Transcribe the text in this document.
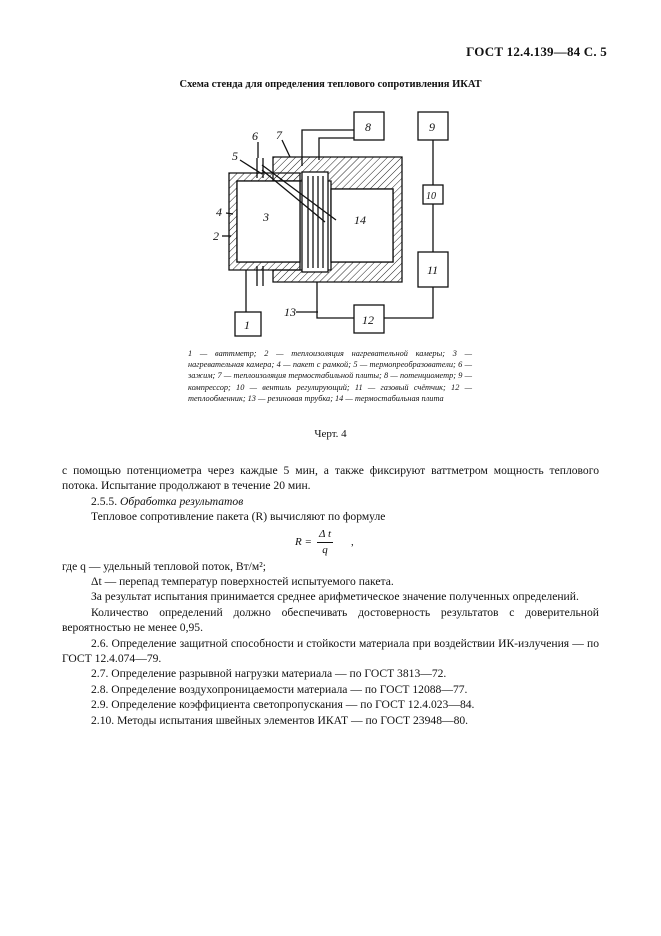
ГОСТ 12.4.139—84 С. 5
Схема стенда для определения теплового сопротивления ИКАТ
1
2
3
4
5
6 7
8	9
10
11
12
13
14
1 — ваттметр; 2 — теплоизоляция нагревательной камеры; 3 — нагревательная камера; 4 — пакет с рамкой; 5 — термопреобразователи; 6 — зажим; 7 — теплоизоляция термостабильной плиты; 8 — потенциометр; 9 — компрессор; 10 — вентиль регулирующий; 11 — газовый счётчик; 12 — теплообменник; 13 — резиновая трубка; 14 — термостабильная плита
Черт. 4

с помощью потенциометра через каждые 5 мин, а также фиксируют ваттметром мощность теплового потока. Испытание продолжают в течение 20 мин.

2.5.5. Обработка результатов

Тепловое сопротивление пакета (R) вычисляют по формуле

R =
Δ t
q
,

где q — удельный тепловой поток, Вт/м²;

Δt — перепад температур поверхностей испытуемого пакета.

За результат испытания принимается среднее арифметическое значение полученных определений.

Количество определений должно обеспечивать достоверность результатов с доверительной вероятностью не менее 0,95.

2.6. Определение защитной способности и стойкости материала при воздействии ИК-излучения — по ГОСТ 12.4.074—79.

2.7. Определение разрывной нагрузки материала — по ГОСТ 3813—72.

2.8. Определение воздухопроницаемости материала — по ГОСТ 12088—77.

2.9. Определение коэффициента светопропускания — по ГОСТ 12.4.023—84.

2.10. Методы испытания швейных элементов ИКАТ — по ГОСТ 23948—80.
